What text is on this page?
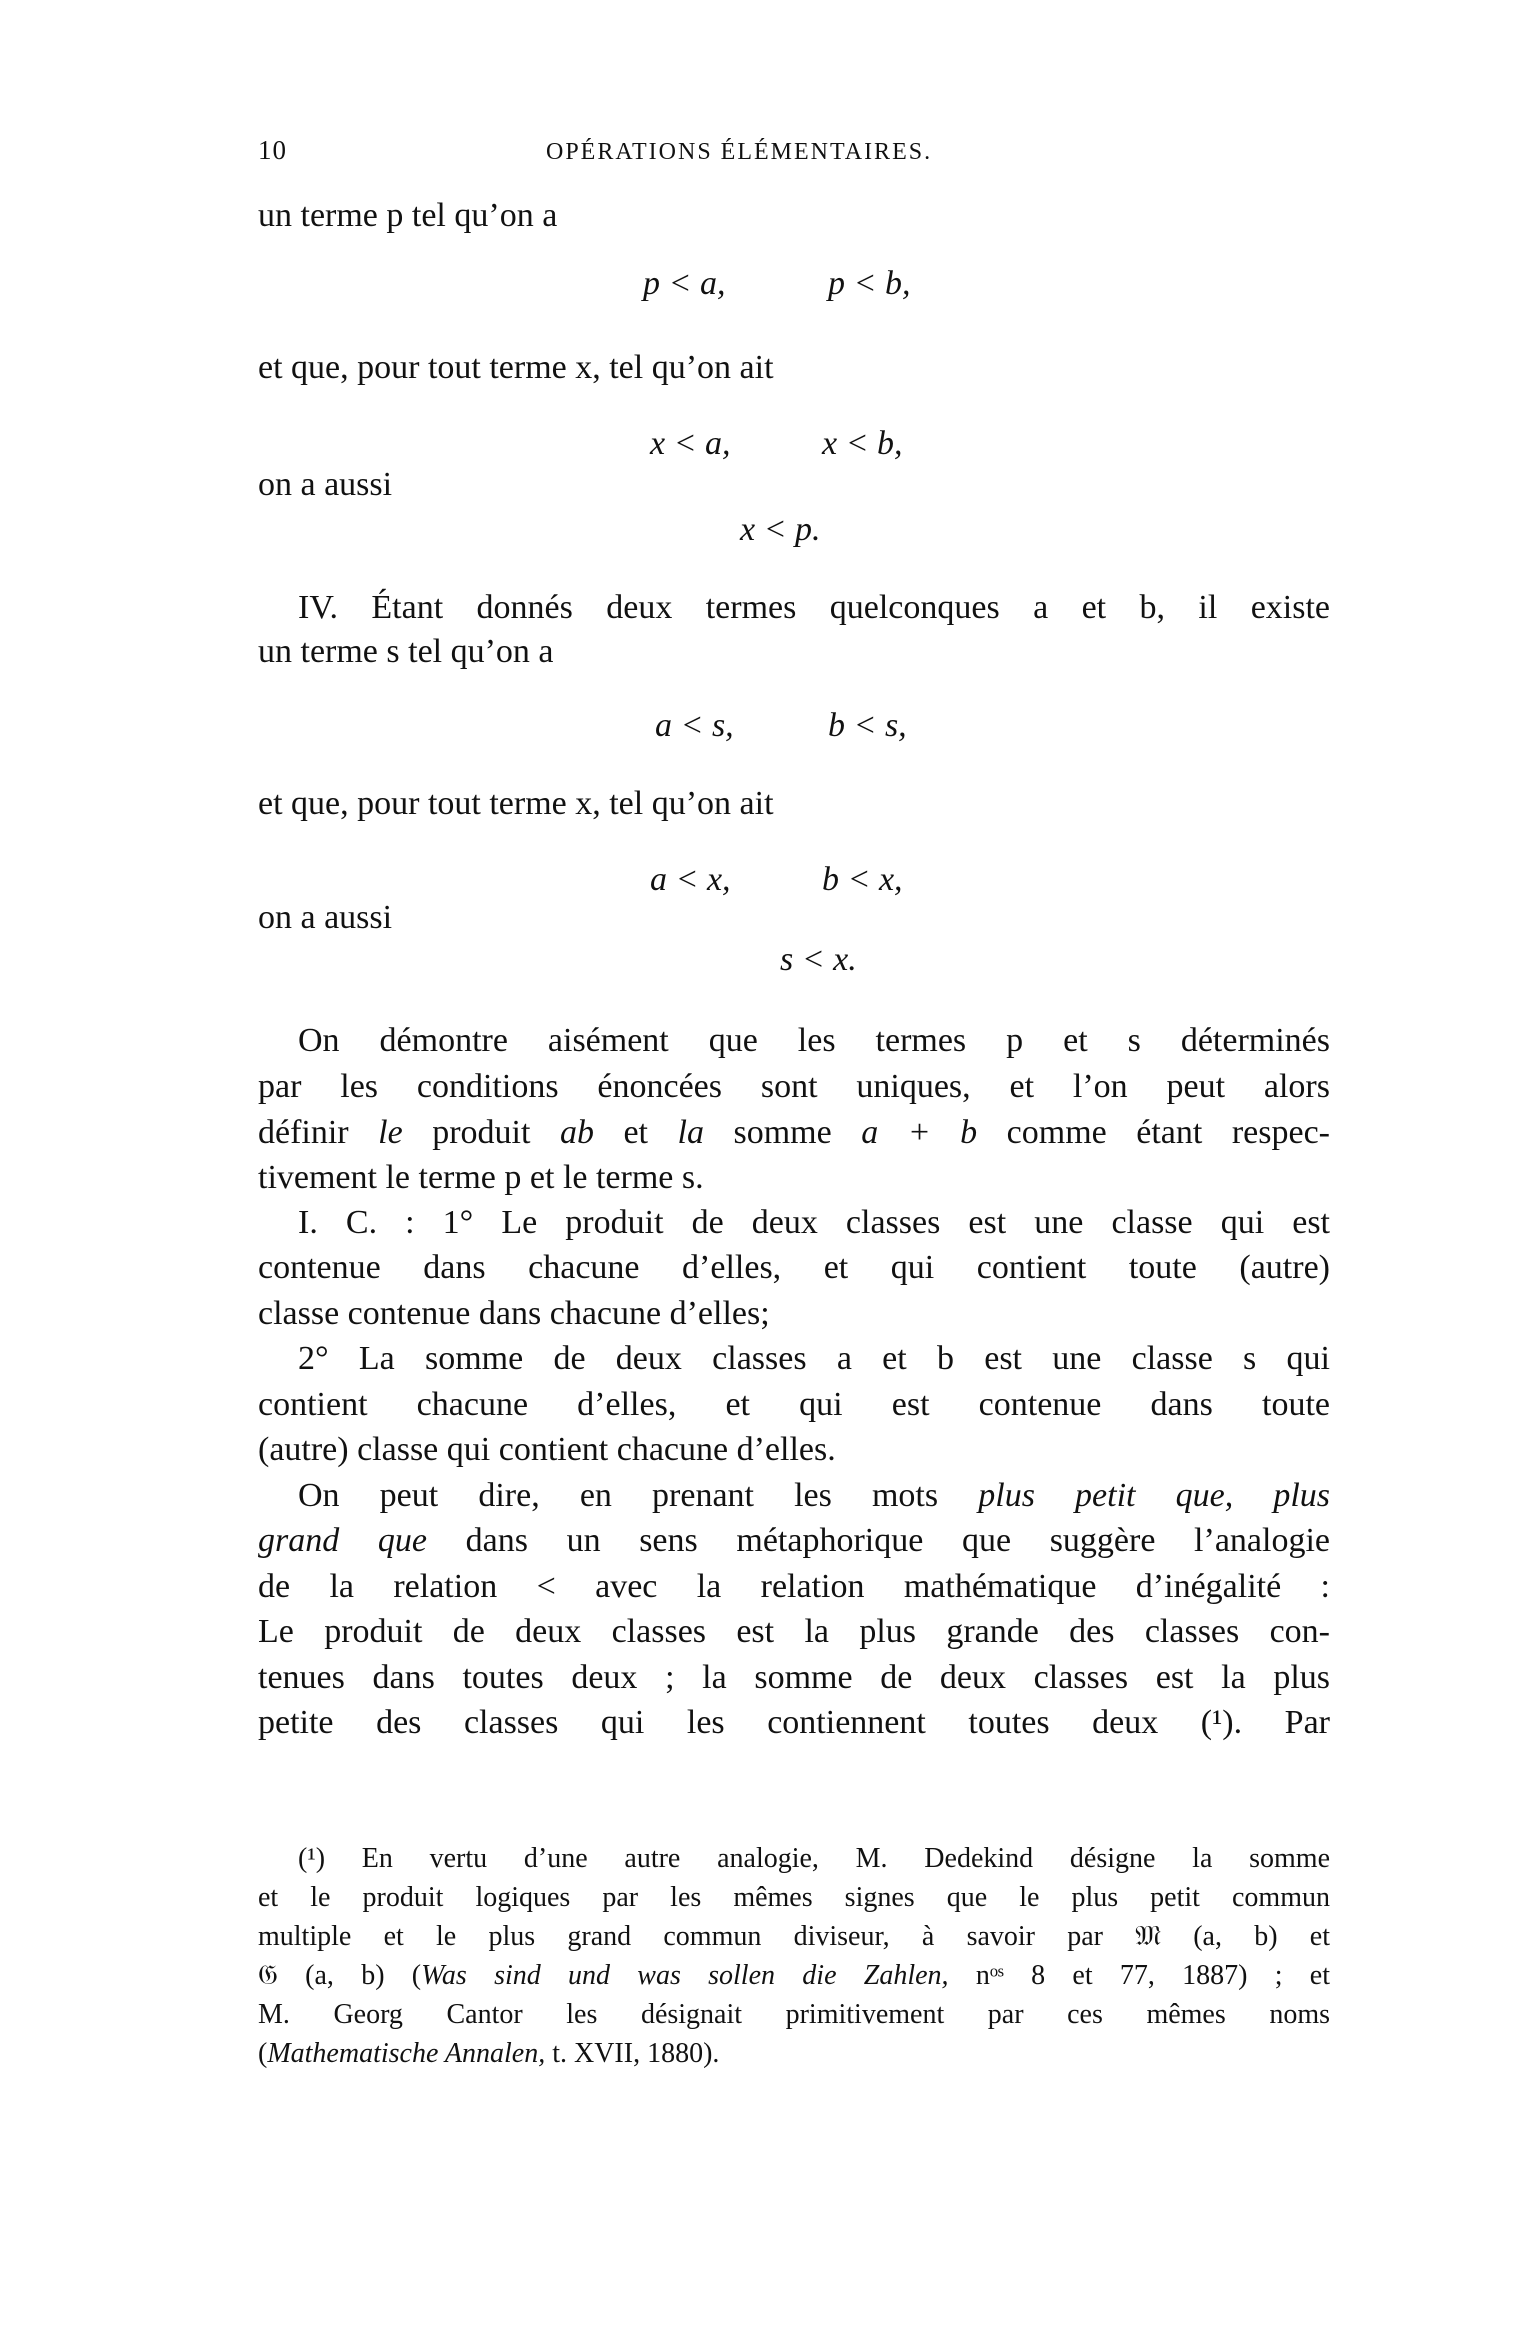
10	OPÉRATIONS ÉLÉMENTAIRES.
un terme p tel qu’on a
p < a,	p < b,
et que, pour tout terme x, tel qu’on ait
x < a,	x < b,
on a aussi
x < p.
IV. Étant donnés deux termes quelconques a et b, il existe
un terme s tel qu’on a
a < s,	b < s,
et que, pour tout terme x, tel qu’on ait
a < x,	b < x,
on a aussi
s < x.
On démontre aisément que les termes p et s déterminés
par les conditions énoncées sont uniques, et l’on peut alors
définir le produit ab et la somme a + b comme étant respec-
tivement le terme p et le terme s.
I. C. : 1° Le produit de deux classes est une classe qui est
contenue dans chacune d’elles, et qui contient toute (autre)
classe contenue dans chacune d’elles;
2° La somme de deux classes a et b est une classe s qui
contient chacune d’elles, et qui est contenue dans toute
(autre) classe qui contient chacune d’elles.
On peut dire, en prenant les mots plus petit que, plus
grand que dans un sens métaphorique que suggère l’analogie
de la relation < avec la relation mathématique d’inégalité :
Le produit de deux classes est la plus grande des classes con-
tenues dans toutes deux ; la somme de deux classes est la plus
petite des classes qui les contiennent toutes deux (¹). Par
(¹) En vertu d’une autre analogie, M. Dedekind désigne la somme
et le produit logiques par les mêmes signes que le plus petit commun
multiple et le plus grand commun diviseur, à savoir par 𝔐 (a, b) et
𝔊 (a, b) (Was sind und was sollen die Zahlen, nᵒˢ 8 et 77, 1887) ; et
M. Georg Cantor les désignait primitivement par ces mêmes noms
(Mathematische Annalen, t. XVII, 1880).
